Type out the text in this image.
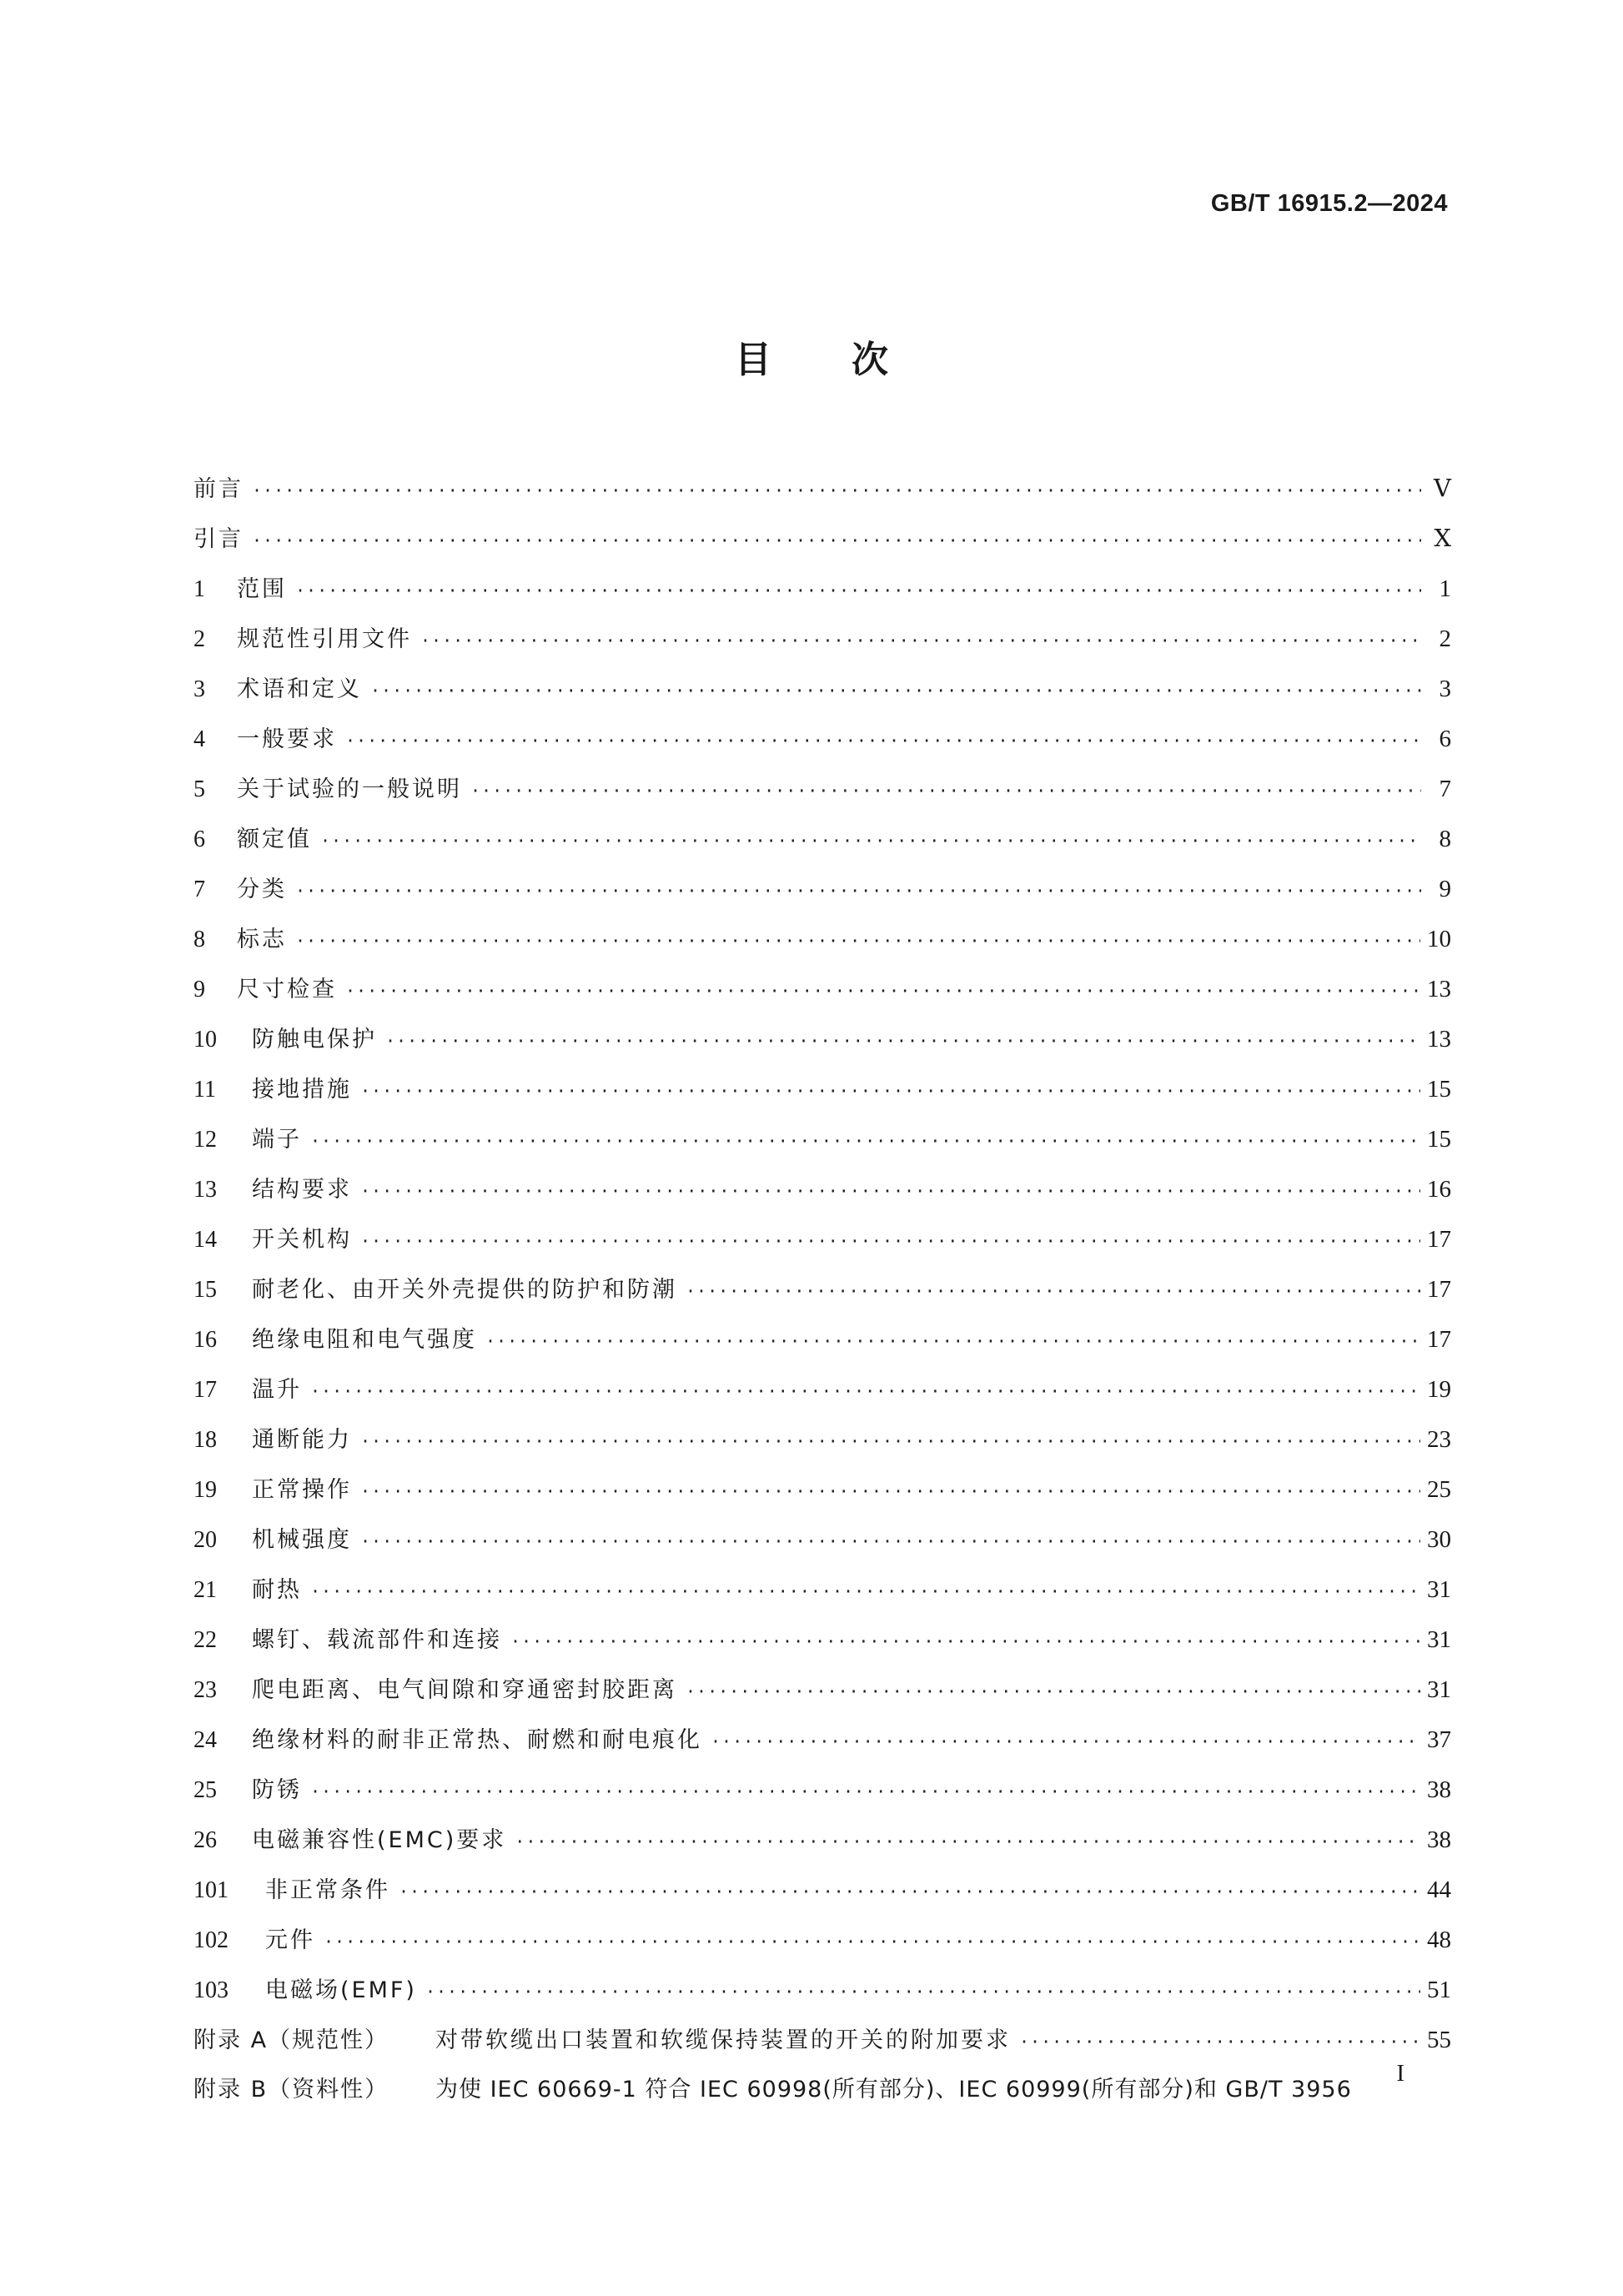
GB/T 16915.2—2024
目次
前言 ·····	Ⅴ
引言 ·····	Ⅹ
1	范围 ·····	1
2	规范性引用文件 ·····	2
3	术语和定义 ·····	3
4	一般要求 ·····	6
5	关于试验的一般说明 ·····	7
6	额定值 ·····	8
7	分类 ·····	9
8	标志 ·····	10
9	尺寸检查 ·····	13
10	防触电保护 ·····	13
11	接地措施 ·····	15
12	端子 ·····	15
13	结构要求 ·····	16
14	开关机构 ·····	17
15	耐老化、由开关外壳提供的防护和防潮 ·····	17
16	绝缘电阻和电气强度 ·····	17
17	温升 ·····	19
18	通断能力 ·····	23
19	正常操作 ·····	25
20	机械强度 ·····	30
21	耐热 ·····	31
22	螺钉、载流部件和连接 ·····	31
23	爬电距离、电气间隙和穿通密封胶距离 ·····	31
24	绝缘材料的耐非正常热、耐燃和耐电痕化 ·····	37
25	防锈 ·····	38
26	电磁兼容性(EMC)要求 ·····	38
101	非正常条件 ·····	44
102	元件 ·····	48
103	电磁场(EMF) ·····	51
附录 A（规范性）	对带软缆出口装置和软缆保持装置的开关的附加要求 ·····	55
附录 B（资料性）	为使 IEC 60669-1 符合 IEC 60998(所有部分)、IEC 60999(所有部分)和 GB/T 3956
I
